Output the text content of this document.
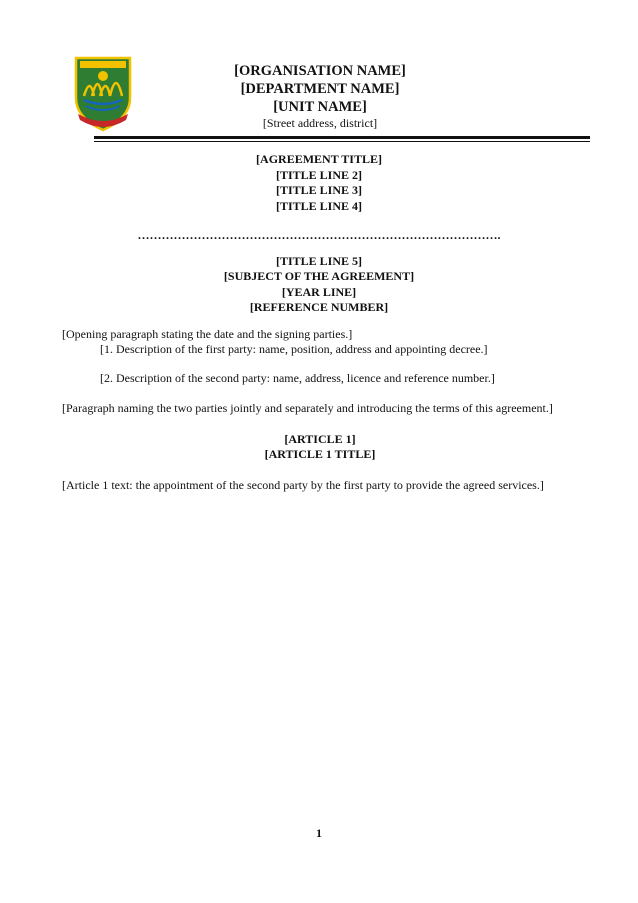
[ORGANISATION NAME]
[DEPARTMENT NAME]
[UNIT NAME]
[Street address, district]
[AGREEMENT TITLE]
[TITLE LINE 2]
[TITLE LINE 3]
[TITLE LINE 4]
……………………………………………………………………………….
[TITLE LINE 5]
[SUBJECT OF THE AGREEMENT]
[YEAR LINE]
[REFERENCE NUMBER]

[Opening paragraph stating the date and the signing parties.]

[1. Description of the first party: name, position, address and appointing decree.]

[2. Description of the second party: name, address, licence and reference number.]

[Paragraph naming the two parties jointly and separately and introducing the terms of this agreement.]

[ARTICLE 1]

[ARTICLE 1 TITLE]

[Article 1 text: the appointment of the second party by the first party to provide the agreed services.]

1
